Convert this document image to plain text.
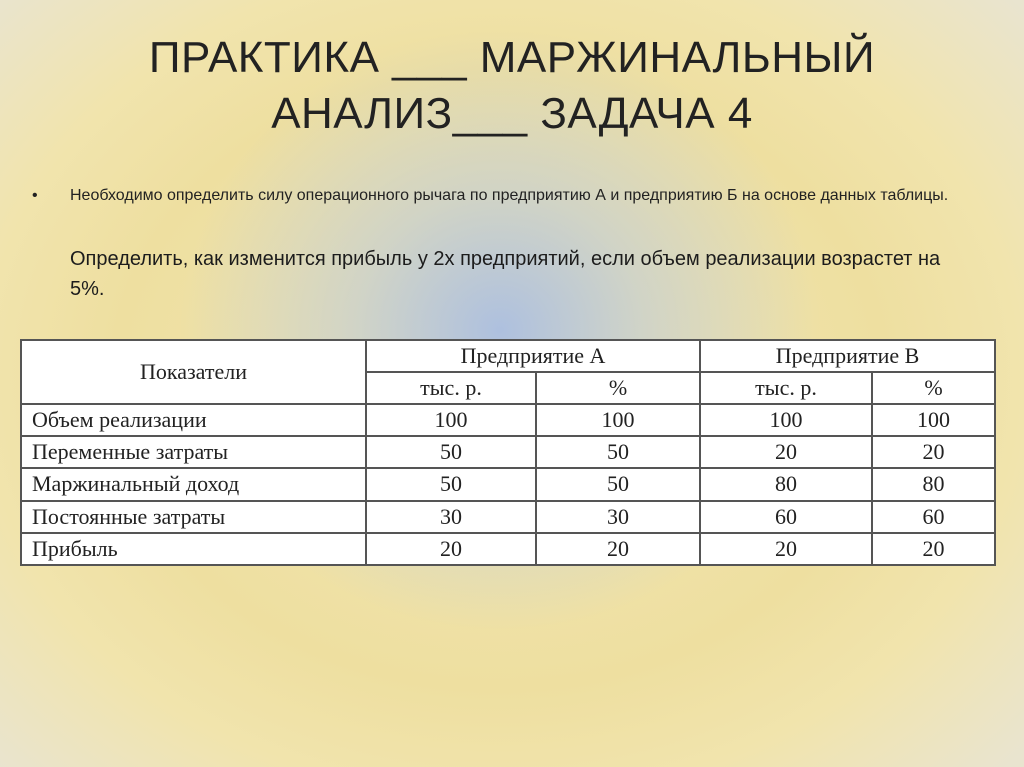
ПРАКТИКА ___ МАРЖИНАЛЬНЫЙ
АНАЛИЗ___ ЗАДАЧА 4
•	Необходимо определить силу операционного рычага по предприятию А и предприятию Б на основе данных таблицы.
Определить, как изменится прибыль у 2х предприятий, если объем реализации возрастет на 5%.
Показатели	Предприятие А		Предприятие В	
	тыс. р.	%	тыс. р.	%
Объем реализации	100	100	100	100
Переменные затраты	50	50	20	20
Маржинальный доход	50	50	80	80
Постоянные затраты	30	30	60	60
Прибыль	20	20	20	20
